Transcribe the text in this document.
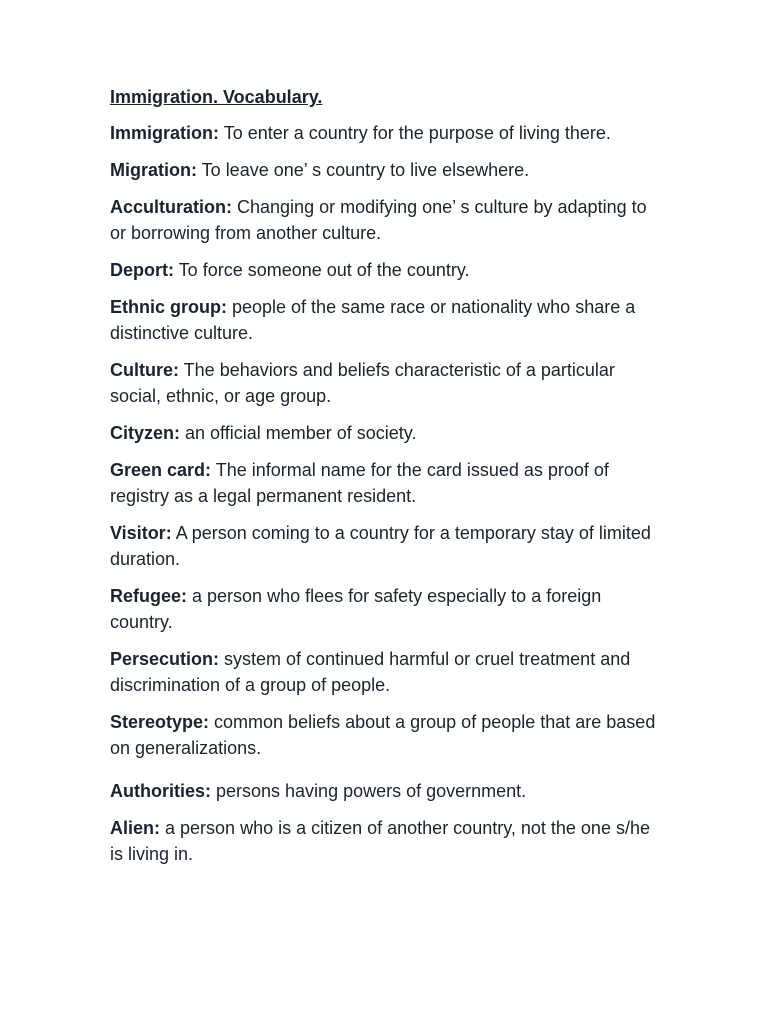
Immigration. Vocabulary.

Immigration: To enter a country for the purpose of living there.

Migration: To leave one’ s country to live elsewhere.

Acculturation: Changing or modifying one’ s culture by adapting to or borrowing from another culture.

Deport: To force someone out of the country.

Ethnic group: people of the same race or nationality who share a distinctive culture.

Culture: The behaviors and beliefs characteristic of a particular social, ethnic, or age group.

Cityzen: an official member of society.

Green card: The informal name for the card issued as proof of registry as a legal permanent resident.

Visitor: A person coming to a country for a temporary stay of limited duration.

Refugee: a person who flees for safety especially to a foreign country.

Persecution: system of continued harmful or cruel treatment and discrimination of a group of people.

Stereotype: common beliefs about a group of people that are based on generalizations.

Authorities: persons having powers of government.

Alien: a person who is a citizen of another country, not the one s/he is living in.
